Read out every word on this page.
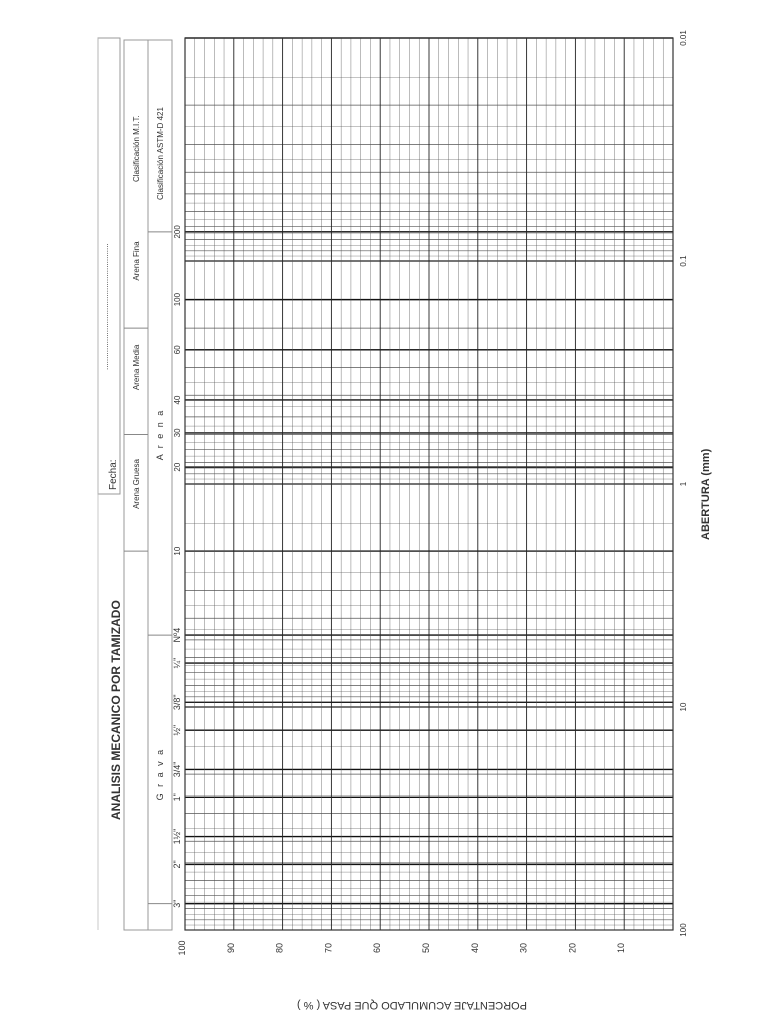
Fecha:
.........................................................
ANALISIS MECANICO POR TAMIZADO
Clasificación M.I.T. Clasificación ASTM-D 421
Arena Gruesa
Arena Media
Arena Fina
G r a v a
A r e n a
3"
2"
1½"
1"
3/4"
½"
3/8"
¼"
Nº4
10
20
30
40
60
100
200
100
10
1
0.1
0.01
100	90	80	70	60	50	40	30	20	10
ABERTURA (mm)
PORCENTAJE ACUMULADO QUE PASA ( % )
